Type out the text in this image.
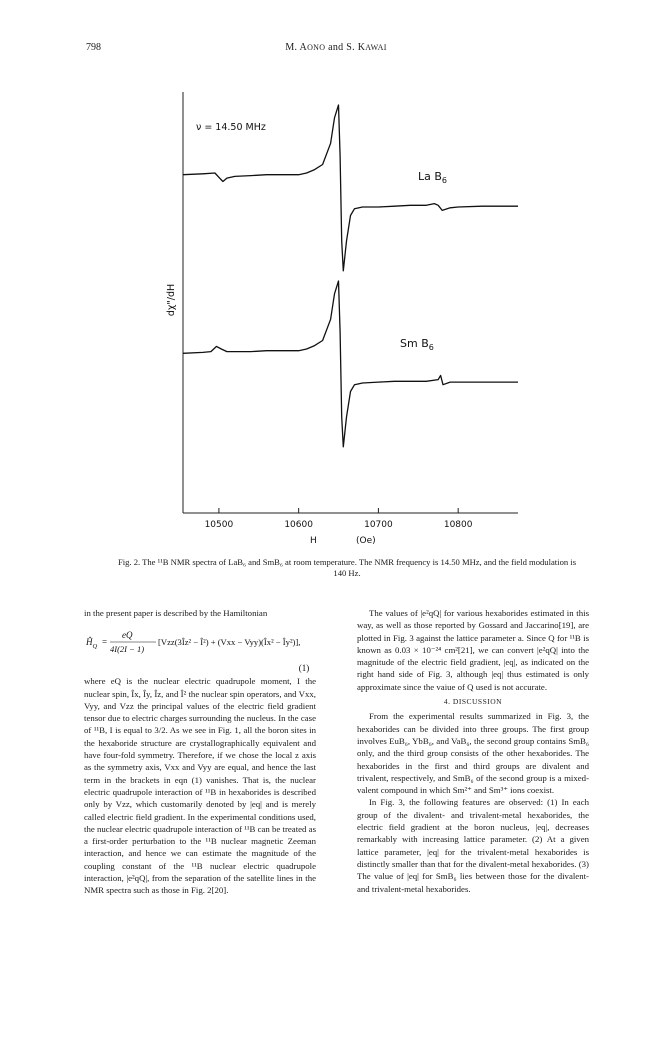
798	M. AONO and S. KAWAI
ν = 14.50 MHz
dχ"/dH
La $B_6$
Sm $B_6$
10500	10600	10700	10800
H	(Oe)
Fig. 2. The ¹¹B NMR spectra of LaB₆ and SmB₆ at room temperature. The NMR frequency is 14.50 MHz, and the field modulation is 140 Hz.

in the present paper is described by the Hamiltonian

$Ĥ_Q$ =
eQ
4I(2I − 1)
[Vzz(3Îz² − Î²) + (Vxx − Vyy)(Îx² − Îy²)],
(1)

where eQ is the nuclear electric quadrupole moment, I the nuclear spin, Îx, Îy, Îz, and Î² the nuclear spin operators, and Vxx, Vyy, and Vzz the principal values of the electric field gradient tensor due to electric charges surrounding the nucleus. In the case of ¹¹B, I is equal to 3/2. As we see in Fig. 1, all the boron sites in the hexaboride structure are crystallographically equivalent and have four-fold symmetry. Therefore, if we chose the local z axis as the symmetry axis, Vxx and Vyy are equal, and hence the last term in the brackets in eqn (1) vanishes. That is, the nuclear electric quadrupole interaction of ¹¹B in hexaborides is described only by Vzz, which customarily denoted by |eq| and is merely called electric field gradient. In the experimental conditions used, the nuclear electric quadrupole interaction of ¹¹B can be treated as a first-order perturbation to the ¹¹B nuclear magnetic Zeeman interaction, and hence we can estimate the magnitude of the coupling constant of the ¹¹B nuclear electric quadrupole interaction, |e²qQ|, from the separation of the satellite lines in the NMR spectra such as those in Fig. 2[20].

The values of |e²qQ| for various hexaborides estimated in this way, as well as those reported by Gossard and Jaccarino[19], are plotted in Fig. 3 against the lattice parameter a. Since Q for ¹¹B is known as 0.03 × 10⁻²⁴ cm²[21], we can convert |e²qQ| into the magnitude of the electric field gradient, |eq|, as indicated on the right hand side of Fig. 3, although |eq| thus estimated is only approximate since the vaiue of Q used is not accurate.

4. DISCUSSION

From the experimental results summarized in Fig. 3, the hexaborides can be divided into three groups. The first group involves EuB₆, YbB₆, and VaB₆, the second group contains SmB₆ only, and the third group consists of the other hexaborides. The hexaborides in the first and third groups are divalent and trivalent, respectively, and SmB₆ of the second group is a mixed-valent compound in which Sm²⁺ and Sm³⁺ ions coexist.

In Fig. 3, the following features are observed: (1) In each group of the divalent- and trivalent-metal hexaborides, the electric field gradient at the boron nucleus, |eq|, decreases remarkably with increasing lattice parameter. (2) At a given lattice parameter, |eq| for the trivalent-metal hexaborides is distinctly smaller than that for the divalent-metal hexaborides. (3) The value of |eq| for SmB₆ lies between those for the divalent- and trivalent-metal hexaborides.
